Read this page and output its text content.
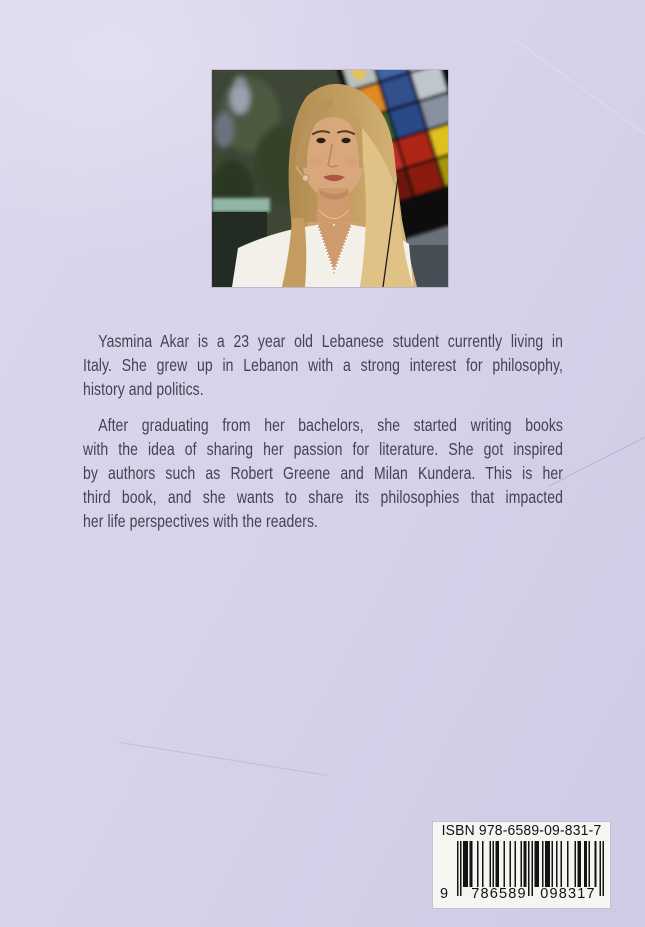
Yasmina Akar is a 23 year old Lebanese student currently living in
Italy. She grew up in Lebanon with a strong interest for philosophy,
history and politics.
After graduating from her bachelors, she started writing books
with the idea of sharing her passion for literature. She got inspired
by authors such as Robert Greene and Milan Kundera. This is her
third book, and she wants to share its philosophies that impacted
her life perspectives with the readers.
ISBN 978-6589-09-831-7
9 786589 098317
